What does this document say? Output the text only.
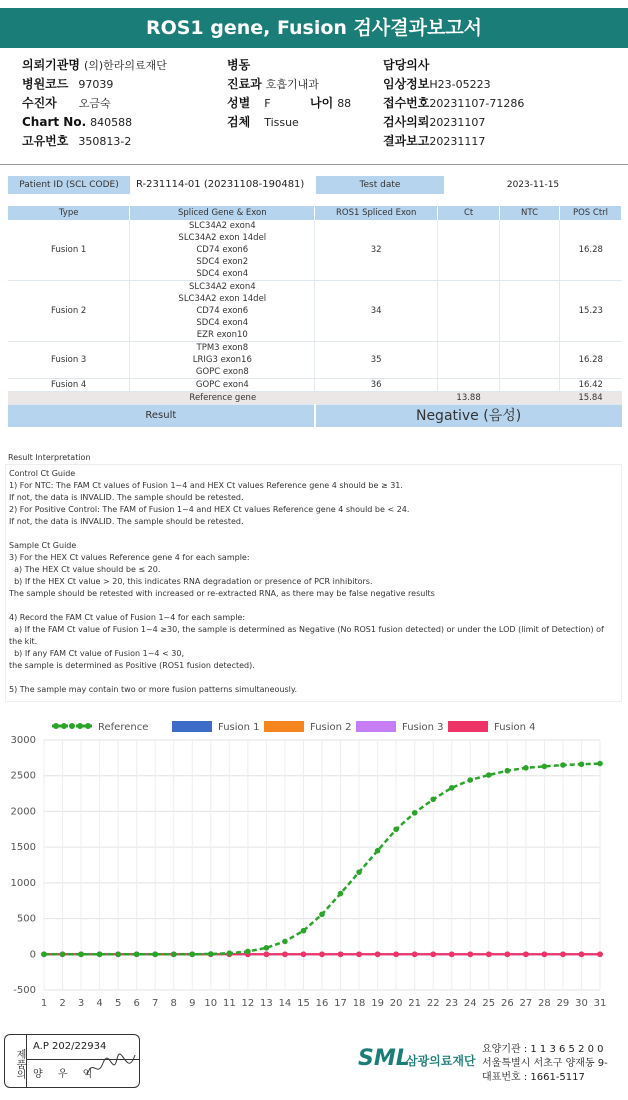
ROS1 gene, Fusion 검사결과보고서
의뢰기관명 (의)한라의료재단
병원코드 97039
수진자 오금숙
Chart No. 840588
고유번호 350813-2
병동
진료과 호흡기내과
성별 F	나이 88
검체 Tissue
담당의사
임상정보H23-05223
접수번호20231107-71286
검사의뢰20231107
결과보고20231117
Patient ID (SCL CODE)	R-231114-01 (20231108-190481)	Test date	2023-11-15
Type	Spliced Gene & Exon	ROS1 Spliced Exon	Ct	NTC	POS Ctrl
Fusion 1	SLC34A2 exon4
SLC34A2 exon 14del
CD74 exon6
SDC4 exon2
SDC4 exon4	32			16.28
Fusion 2	SLC34A2 exon4
SLC34A2 exon 14del
CD74 exon6
SDC4 exon4
EZR exon10	34			15.23
Fusion 3	TPM3 exon8
LRIG3 exon16
GOPC exon8	35			16.28
Fusion 4	GOPC exon4	36			16.42
Reference gene			13.88		15.84
Result		Negative (음성)			
Result Interpretation
Control Ct Guide
1) For NTC: The FAM Ct values of Fusion 1~4 and HEX Ct values Reference gene 4 should be ≥ 31.
If not, the data is INVALID. The sample should be retested.
2) For Positive Control: The FAM of Fusion 1~4 and HEX Ct values Reference gene 4 should be < 24.
If not, the data is INVALID. The sample should be retested.
Sample Ct Guide
3) For the HEX Ct values Reference gene 4 for each sample:
a) The HEX Ct value should be ≤ 20.
b) If the HEX Ct value > 20, this indicates RNA degradation or presence of PCR inhibitors.
The sample should be retested with increased or re-extracted RNA, as there may be false negative results
4) Record the FAM Ct value of Fusion 1~4 for each sample:
a) If the FAM Ct value of Fusion 1~4 ≥30, the sample is determined as Negative (No ROS1 fusion detected) or under the LOD (limit of Detection) of
the kit.
b) If any FAM Ct value of Fusion 1~4 < 30,
the sample is determined as Positive (ROS1 fusion detected).
5) The sample may contain two or more fusion patterns simultaneously.
-500
0
500
1000
1500
2000
2500
3000
1 2 3 4 5 6 7 8 9 10 11 12 13 14 15 16 17 18 19 20 21 22 23 24 25 26 27 28 29 30 31
Reference	Fusion 1	Fusion 2	Fusion 3	Fusion 4
제품의
A.P 202/22934
양 우 익
SML
삼광의료재단
요양기관 : 1 1 3 6 5 2 0 0
서울특별시 서초구 양재동 9-
대표번호 : 1661-5117
